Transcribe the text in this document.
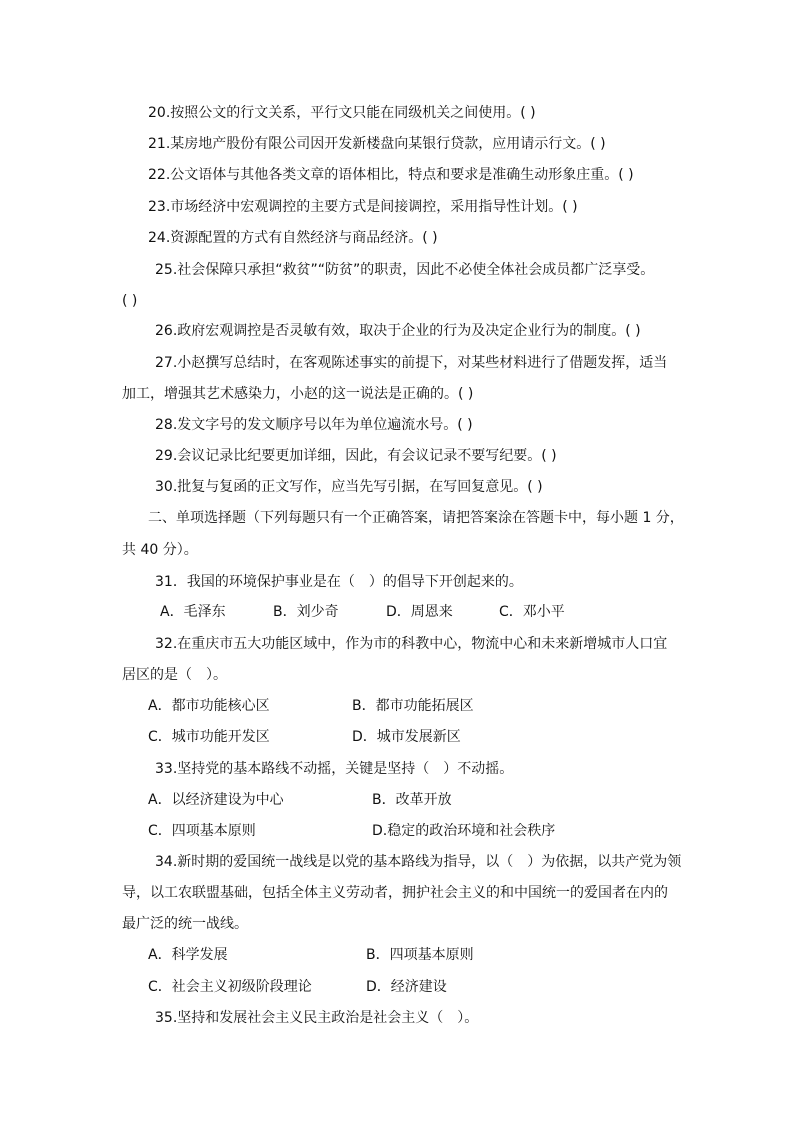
20.按照公文的行文关系，平行文只能在同级机关之间使用。( )
21.某房地产股份有限公司因开发新楼盘向某银行贷款，应用请示行文。( )
22.公文语体与其他各类文章的语体相比，特点和要求是准确生动形象庄重。( )
23.市场经济中宏观调控的主要方式是间接调控，采用指导性计划。( )
24.资源配置的方式有自然经济与商品经济。( )
25.社会保障只承担“救贫”“防贫”的职责，因此不必使全体社会成员都广泛享受。
( )
26.政府宏观调控是否灵敏有效，取决于企业的行为及决定企业行为的制度。( )
27.小赵撰写总结时，在客观陈述事实的前提下，对某些材料进行了借题发挥，适当
加工，增强其艺术感染力，小赵的这一说法是正确的。( )
28.发文字号的发文顺序号以年为单位遍流水号。( )
29.会议记录比纪要更加详细，因此，有会议记录不要写纪要。( )
30.批复与复函的正文写作，应当先写引据，在写回复意见。( )
二、单项选择题（下列每题只有一个正确答案，请把答案涂在答题卡中，每小题 1 分，
共 40 分）。
31．我国的环境保护事业是在（　）的倡导下开创起来的。
A．毛泽东	B．刘少奇	D．周恩来	C．邓小平
32.在重庆市五大功能区域中，作为市的科教中心，物流中心和未来新增城市人口宜
居区的是（　）。
A．都市功能核心区	B．都市功能拓展区
C．城市功能开发区	D．城市发展新区
33.坚持党的基本路线不动摇，关键是坚持（　）不动摇。
A．以经济建设为中心	B．改革开放
C．四项基本原则	D.稳定的政治环境和社会秩序
34.新时期的爱国统一战线是以党的基本路线为指导，以（　）为依据，以共产党为领
导，以工农联盟基础，包括全体主义劳动者，拥护社会主义的和中国统一的爱国者在内的
最广泛的统一战线。
A．科学发展	B．四项基本原则
C．社会主义初级阶段理论	D．经济建设
35.坚持和发展社会主义民主政治是社会主义（　）。
